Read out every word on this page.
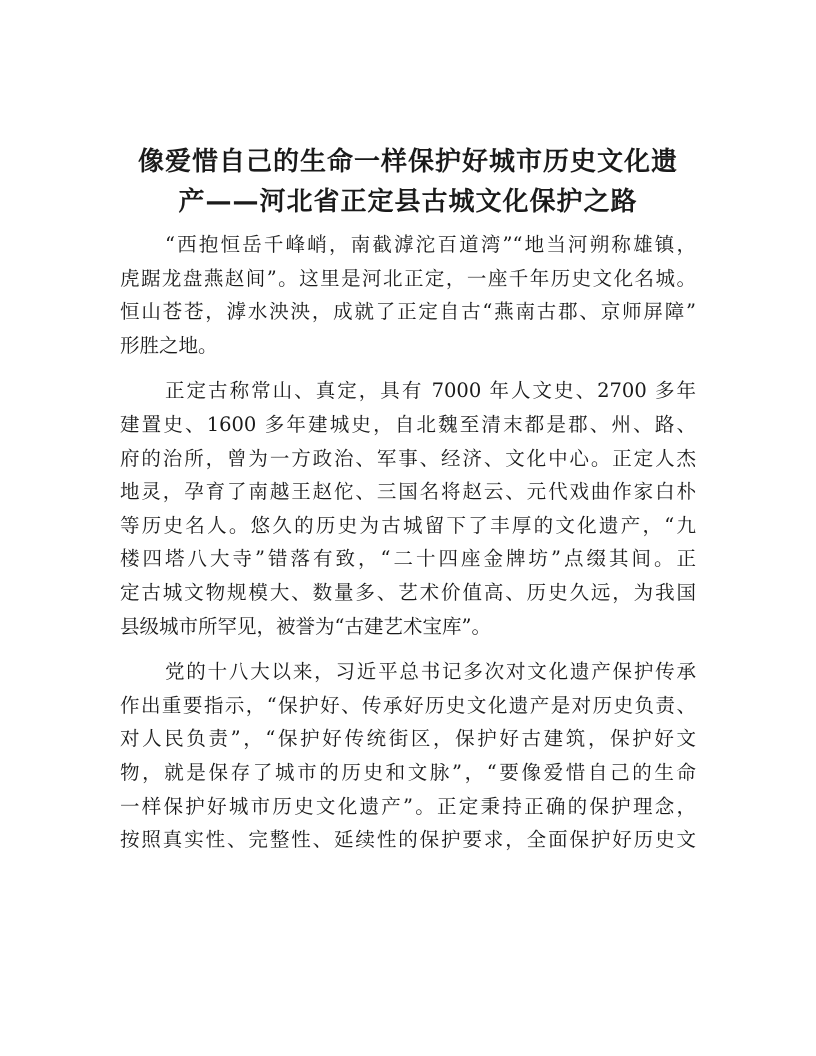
像爱惜自己的生命一样保护好城市历史文化遗
产——河北省正定县古城文化保护之路

“西抱恒岳千峰峭，南截滹沱百道湾”“地当河朔称雄镇，
虎踞龙盘燕赵间”。这里是河北正定，一座千年历史文化名城。
恒山苍苍，滹水泱泱，成就了正定自古“燕南古郡、京师屏障”
形胜之地。

正定古称常山、真定，具有 7000 年人文史、2700 多年
建置史、1600 多年建城史，自北魏至清末都是郡、州、路、
府的治所，曾为一方政治、军事、经济、文化中心。正定人杰
地灵，孕育了南越王赵佗、三国名将赵云、元代戏曲作家白朴
等历史名人。悠久的历史为古城留下了丰厚的文化遗产，“九
楼四塔八大寺”错落有致，“二十四座金牌坊”点缀其间。正
定古城文物规模大、数量多、艺术价值高、历史久远，为我国
县级城市所罕见，被誉为“古建艺术宝库”。

党的十八大以来，习近平总书记多次对文化遗产保护传承
作出重要指示，“保护好、传承好历史文化遗产是对历史负责、
对人民负责”，“保护好传统街区，保护好古建筑，保护好文
物，就是保存了城市的历史和文脉”，“要像爱惜自己的生命
一样保护好城市历史文化遗产”。正定秉持正确的保护理念，
按照真实性、完整性、延续性的保护要求，全面保护好历史文
